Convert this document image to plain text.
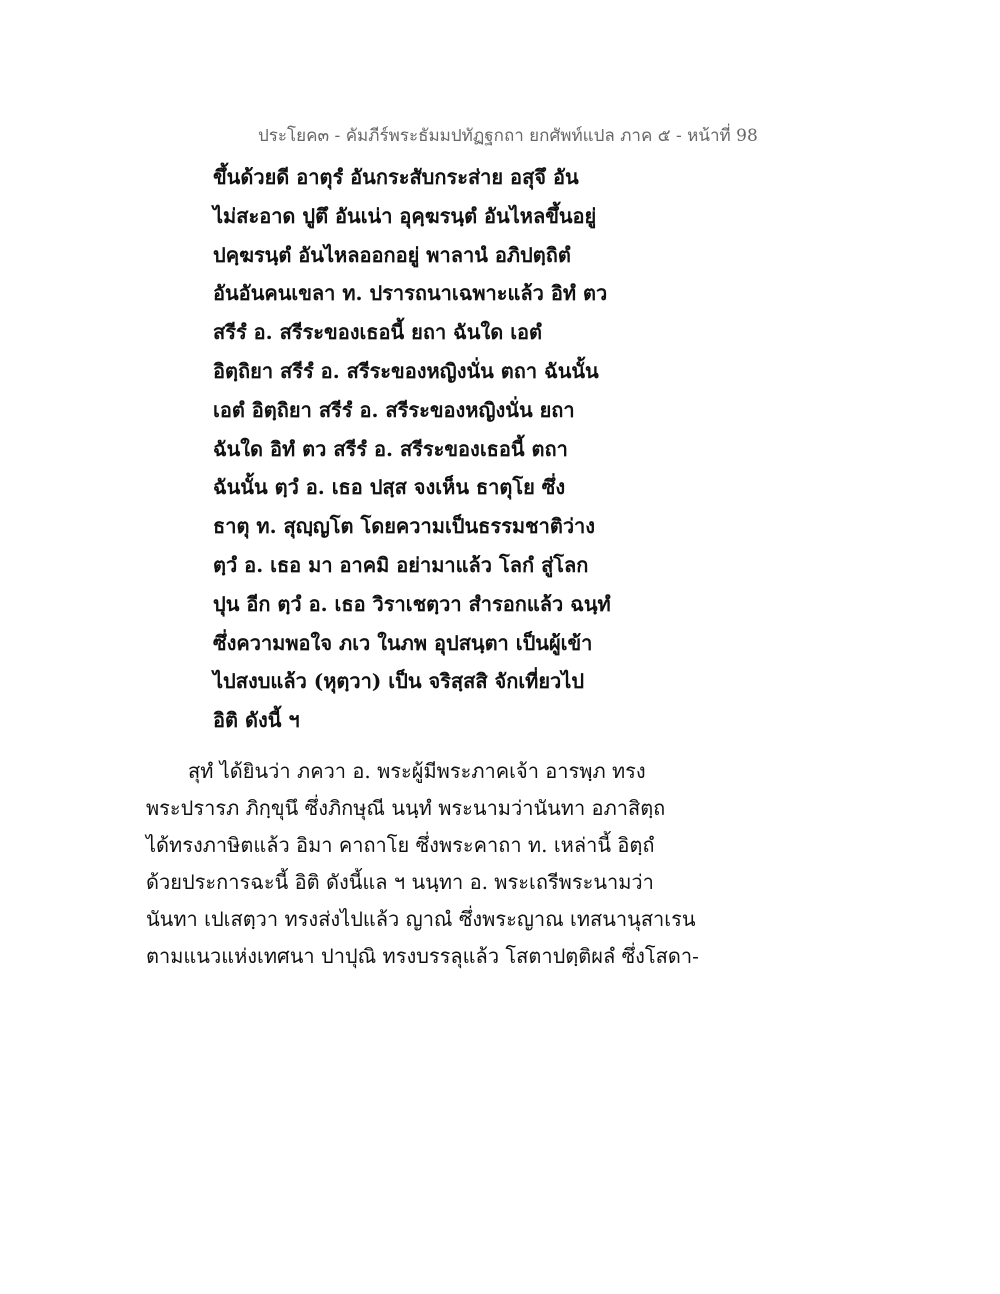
ประโยค๓ - คัมภีร์พระธัมมปทัฏฐกถา ยกศัพท์แปล ภาค ๕ - หน้าที่ 98
ขึ้นด้วยดี อาตุรํ อันกระสับกระส่าย อสุจึ อัน
ไม่สะอาด ปูตึ อันเน่า อุคฺฆรนฺตํ อันไหลขึ้นอยู่
ปคฺฆรนฺตํ อันไหลออกอยู่ พาลานํ อภิปตฺถิตํ
อันอันคนเขลา ท. ปรารถนาเฉพาะแล้ว อิทํ ตว
สรีรํ อ. สรีระของเธอนี้ ยถา ฉันใด เอตํ
อิตฺถิยา สรีรํ อ. สรีระของหญิงนั่น ตถา ฉันนั้น
เอตํ อิตฺถิยา สรีรํ อ. สรีระของหญิงนั่น ยถา
ฉันใด อิทํ ตว สรีรํ อ. สรีระของเธอนี้ ตถา
ฉันนั้น ตฺวํ อ. เธอ ปสฺส จงเห็น ธาตุโย ซึ่ง
ธาตุ ท. สุญฺญโต โดยความเป็นธรรมชาติว่าง
ตฺวํ อ. เธอ มา อาคมิ อย่ามาแล้ว โลกํ สู่โลก
ปุน อีก ตฺวํ อ. เธอ วิราเชตฺวา สำรอกแล้ว ฉนฺทํ
ซึ่งความพอใจ ภเว ในภพ อุปสนฺตา เป็นผู้เข้า
ไปสงบแล้ว (หุตฺวา) เป็น จริสฺสสิ จักเที่ยวไป
อิติ ดังนี้ ฯ
สุทํ ได้ยินว่า ภควา อ. พระผู้มีพระภาคเจ้า อารพฺภ ทรง
พระปรารภ ภิกฺขุนึ ซึ่งภิกษุณี นนฺทํ พระนามว่านันทา อภาสิตฺถ
ได้ทรงภาษิตแล้ว อิมา คาถาโย ซึ่งพระคาถา ท. เหล่านี้ อิตฺถํ
ด้วยประการฉะนี้ อิติ ดังนี้แล ฯ นนฺทา อ. พระเถรีพระนามว่า
นันทา เปเสตฺวา ทรงส่งไปแล้ว ญาณํ ซึ่งพระญาณ เทสนานุสาเรน
ตามแนวแห่งเทศนา ปาปุณิ ทรงบรรลุแล้ว โสตาปตฺติผลํ ซึ่งโสดา-
